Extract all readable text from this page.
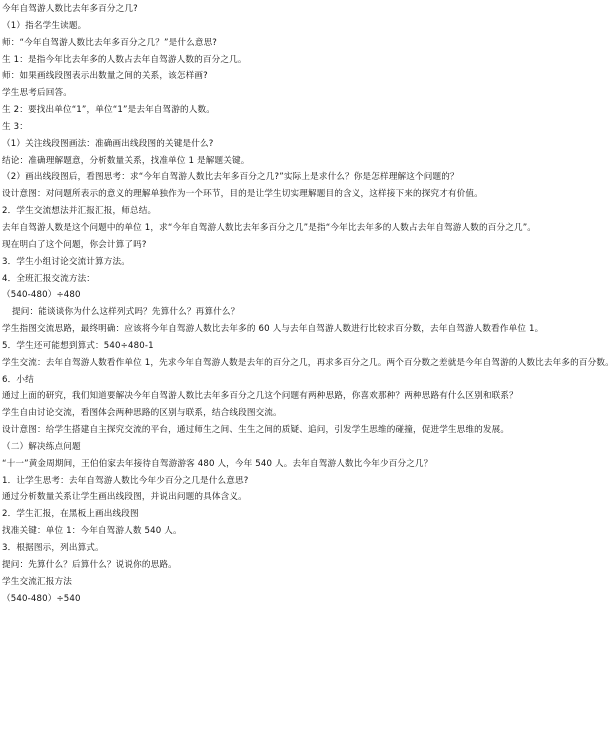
今年自驾游人数比去年多百分之几?
（1）指名学生读题。
师：“今年自驾游人数比去年多百分之几？”是什么意思?
生 1：是指今年比去年多的人数占去年自驾游人数的百分之几。
师：如果画线段图表示出数量之间的关系，该怎样画?
学生思考后回答。
生 2：要找出单位“1”，单位“1”是去年自驾游的人数。
生 3：
（1）关注线段图画法：准确画出线段图的关键是什么?
结论：准确理解题意，分析数量关系，找准单位 1 是解题关键。
（2）画出线段图后，看图思考：求“今年自驾游人数比去年多百分之几?”实际上是求什么？你是怎样理解这个问题的？
设计意图：对问题所表示的意义的理解单独作为一个环节，目的是让学生切实理解题目的含义，这样接下来的探究才有价值。
2．学生交流想法并汇报汇报，师总结。
去年自驾游人数是这个问题中的单位 1，求“今年自驾游人数比去年多百分之几”是指“今年比去年多的人数占去年自驾游人数的百分之几”。
现在明白了这个问题，你会计算了吗?
3．学生小组讨论交流计算方法。
4．全班汇报交流方法：
（540-480）÷480
提问：能谈谈你为什么这样列式吗？先算什么？再算什么？
学生指图交流思路，最终明确：应该将今年自驾游人数比去年多的 60 人与去年自驾游人数进行比较求百分数，去年自驾游人数看作单位 1。
5．学生还可能想到算式：540÷480-1
学生交流：去年自驾游人数看作单位 1，先求今年自驾游人数是去年的百分之几，再求多百分之几。两个百分数之差就是今年自驾游的人数比去年多的百分数。
6．小结
通过上面的研究，我们知道要解决今年自驾游人数比去年多百分之几这个问题有两种思路，你喜欢那种？两种思路有什么区别和联系？
学生自由讨论交流，看图体会两种思路的区别与联系，结合线段图交流。
设计意图：给学生搭建自主探究交流的平台，通过师生之间、生生之间的质疑、追问，引发学生思维的碰撞，促进学生思维的发展。
（二）解决练点问题
“十一”黄金周期间，王伯伯家去年接待自驾游游客 480 人，今年 540 人。去年自驾游人数比今年少百分之几？
1．让学生思考：去年自驾游人数比今年少百分之几是什么意思?
通过分析数量关系让学生画出线段图，并说出问题的具体含义。
2．学生汇报，在黑板上画出线段图
找准关键：单位 1：今年自驾游人数 540 人。
3．根据图示，列出算式。
提问：先算什么？后算什么？说说你的思路。
学生交流汇报方法
（540-480）÷540
